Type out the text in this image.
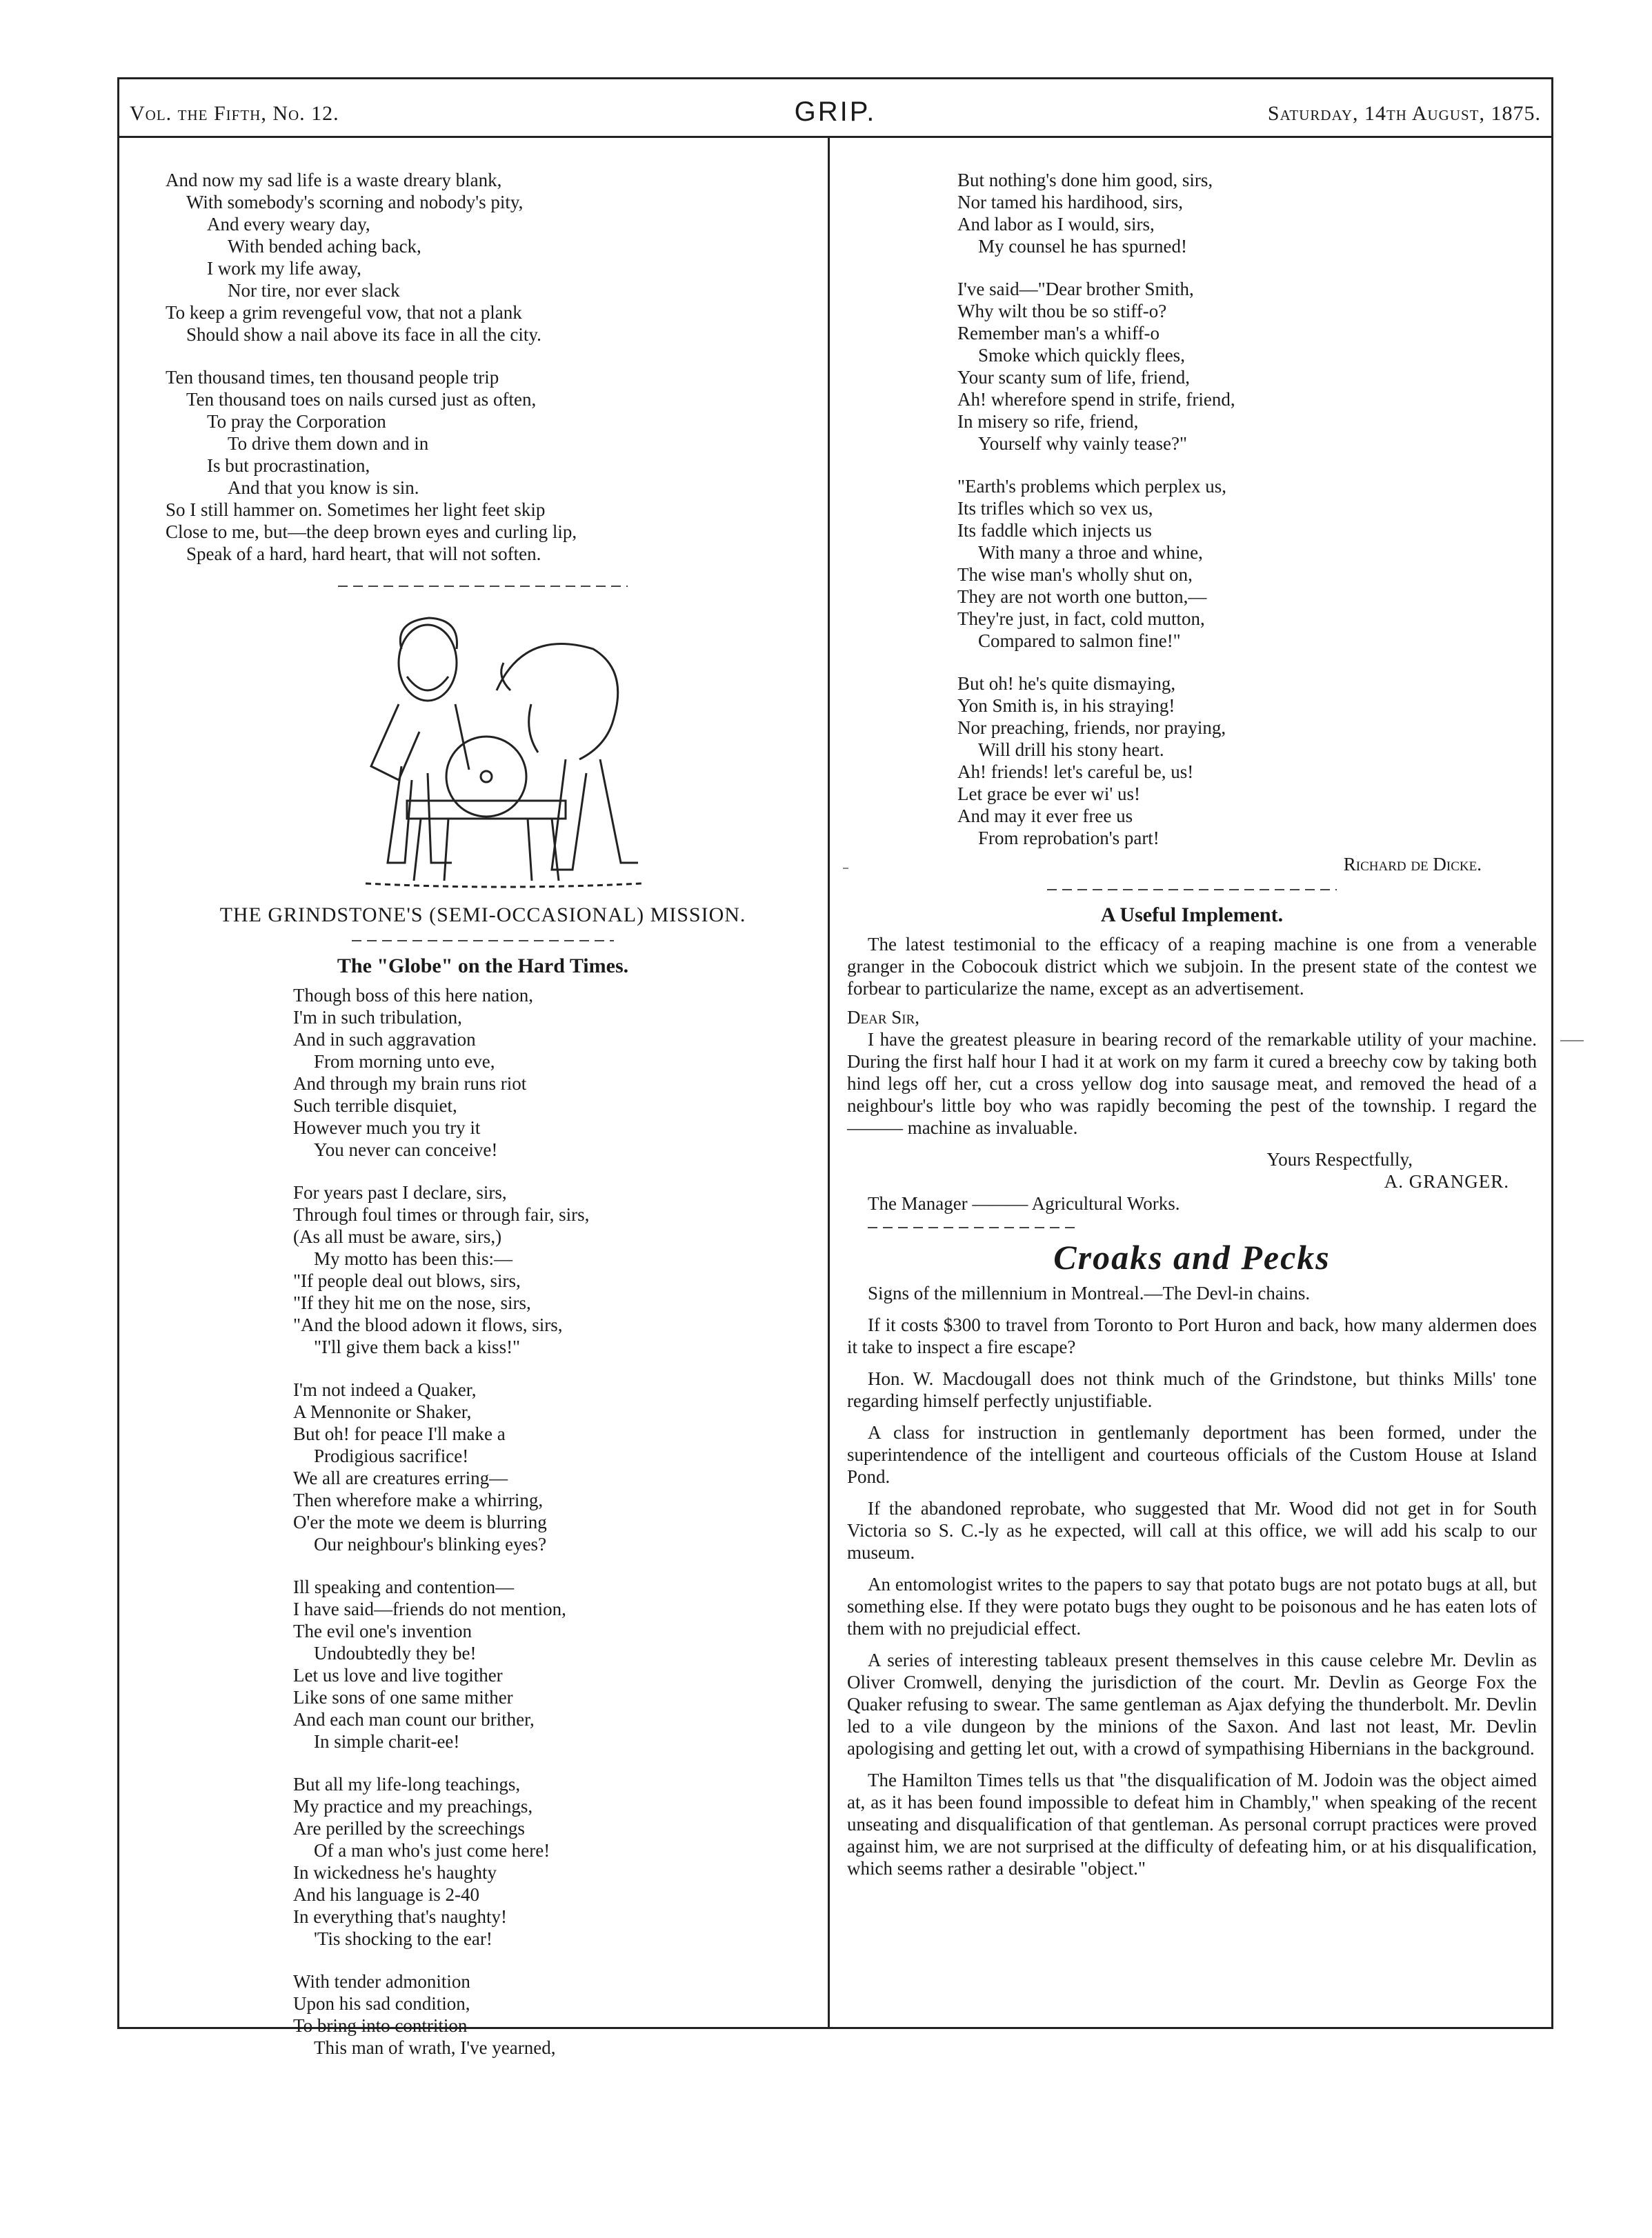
Vol. the Fifth, No. 12.	GRIP.	Saturday, 14th August, 1875.
And now my sad life is a waste dreary blank,
With somebody's scorning and nobody's pity,
And every weary day,
With bended aching back,
I work my life away,
Nor tire, nor ever slack
To keep a grim revengeful vow, that not a plank
Should show a nail above its face in all the city.
Ten thousand times, ten thousand people trip
Ten thousand toes on nails cursed just as often,
To pray the Corporation
To drive them down and in
Is but procrastination,
And that you know is sin.
So I still hammer on. Sometimes her light feet skip
Close to me, but—the deep brown eyes and curling lip,
Speak of a hard, hard heart, that will not soften.
THE GRINDSTONE'S (SEMI-OCCASIONAL) MISSION.
The "Globe" on the Hard Times.
Though boss of this here nation,
I'm in such tribulation,
And in such aggravation
From morning unto eve,
And through my brain runs riot
Such terrible disquiet,
However much you try it
You never can conceive!
For years past I declare, sirs,
Through foul times or through fair, sirs,
(As all must be aware, sirs,)
My motto has been this:—
"If people deal out blows, sirs,
"If they hit me on the nose, sirs,
"And the blood adown it flows, sirs,
"I'll give them back a kiss!"
I'm not indeed a Quaker,
A Mennonite or Shaker,
But oh! for peace I'll make a
Prodigious sacrifice!
We all are creatures erring—
Then wherefore make a whirring,
O'er the mote we deem is blurring
Our neighbour's blinking eyes?
Ill speaking and contention—
I have said—friends do not mention,
The evil one's invention
Undoubtedly they be!
Let us love and live togither
Like sons of one same mither
And each man count our brither,
In simple charit-ee!
But all my life-long teachings,
My practice and my preachings,
Are perilled by the screechings
Of a man who's just come here!
In wickedness he's haughty
And his language is 2-40
In everything that's naughty!
'Tis shocking to the ear!
With tender admonition
Upon his sad condition,
To bring into contrition
This man of wrath, I've yearned,
But nothing's done him good, sirs,
Nor tamed his hardihood, sirs,
And labor as I would, sirs,
My counsel he has spurned!
I've said—"Dear brother Smith,
Why wilt thou be so stiff-o?
Remember man's a whiff-o
Smoke which quickly flees,
Your scanty sum of life, friend,
Ah! wherefore spend in strife, friend,
In misery so rife, friend,
Yourself why vainly tease?"
"Earth's problems which perplex us,
Its trifles which so vex us,
Its faddle which injects us
With many a throe and whine,
The wise man's wholly shut on,
They are not worth one button,—
They're just, in fact, cold mutton,
Compared to salmon fine!"
But oh! he's quite dismaying,
Yon Smith is, in his straying!
Nor preaching, friends, nor praying,
Will drill his stony heart.
Ah! friends! let's careful be, us!
Let grace be ever wi' us!
And may it ever free us
From reprobation's part!
Richard de Dicke.
A Useful Implement.

The latest testimonial to the efficacy of a reaping machine is one from a venerable granger in the Cobocouk district which we subjoin. In the present state of the contest we forbear to particularize the name, except as an advertisement.

Dear Sir,

I have the greatest pleasure in bearing record of the remarkable utility of your machine. During the first half hour I had it at work on my farm it cured a breechy cow by taking both hind legs off her, cut a cross yellow dog into sausage meat, and removed the head of a neighbour's little boy who was rapidly becoming the pest of the township. I regard the ——— machine as invaluable.

Yours Respectfully,
A. GRANGER.
The Manager ——— Agricultural Works.
Croaks and Pecks

Signs of the millennium in Montreal.—The Devl-in chains.

If it costs $300 to travel from Toronto to Port Huron and back, how many aldermen does it take to inspect a fire escape?

Hon. W. Macdougall does not think much of the Grindstone, but thinks Mills' tone regarding himself perfectly unjustifiable.

A class for instruction in gentlemanly deportment has been formed, under the superintendence of the intelligent and courteous officials of the Custom House at Island Pond.

If the abandoned reprobate, who suggested that Mr. Wood did not get in for South Victoria so S. C.-ly as he expected, will call at this office, we will add his scalp to our museum.

An entomologist writes to the papers to say that potato bugs are not potato bugs at all, but something else. If they were potato bugs they ought to be poisonous and he has eaten lots of them with no prejudicial effect.

A series of interesting tableaux present themselves in this cause celebre Mr. Devlin as Oliver Cromwell, denying the jurisdiction of the court. Mr. Devlin as George Fox the Quaker refusing to swear. The same gentleman as Ajax defying the thunderbolt. Mr. Devlin led to a vile dungeon by the minions of the Saxon. And last not least, Mr. Devlin apologising and getting let out, with a crowd of sympathising Hibernians in the background.

The Hamilton Times tells us that "the disqualification of M. Jodoin was the object aimed at, as it has been found impossible to defeat him in Chambly," when speaking of the recent unseating and disqualification of that gentleman. As personal corrupt practices were proved against him, we are not surprised at the difficulty of defeating him, or at his disqualification, which seems rather a desirable "object."
